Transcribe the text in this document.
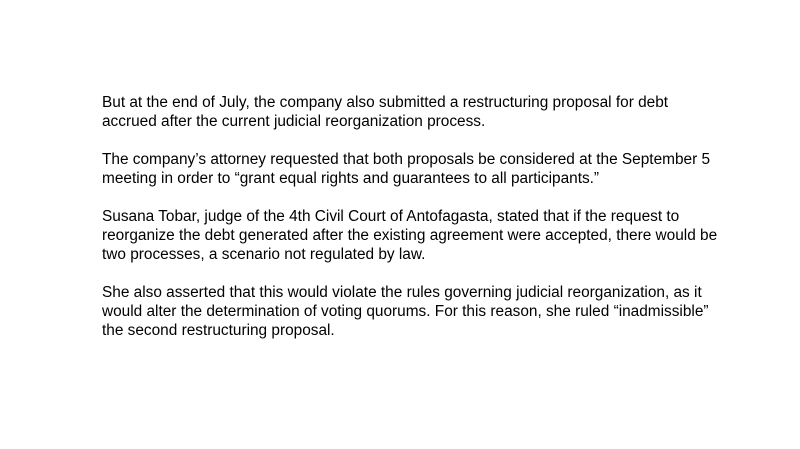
But at the end of July, the company also submitted a restructuring proposal for debt accrued after the current judicial reorganization process.

The company’s attorney requested that both proposals be considered at the September 5 meeting in order to “grant equal rights and guarantees to all participants.”

Susana Tobar, judge of the 4th Civil Court of Antofagasta, stated that if the request to reorganize the debt generated after the existing agreement were accepted, there would be two processes, a scenario not regulated by law.

She also asserted that this would violate the rules governing judicial reorganization, as it would alter the determination of voting quorums. For this reason, she ruled “inadmissible” the second restructuring proposal.
